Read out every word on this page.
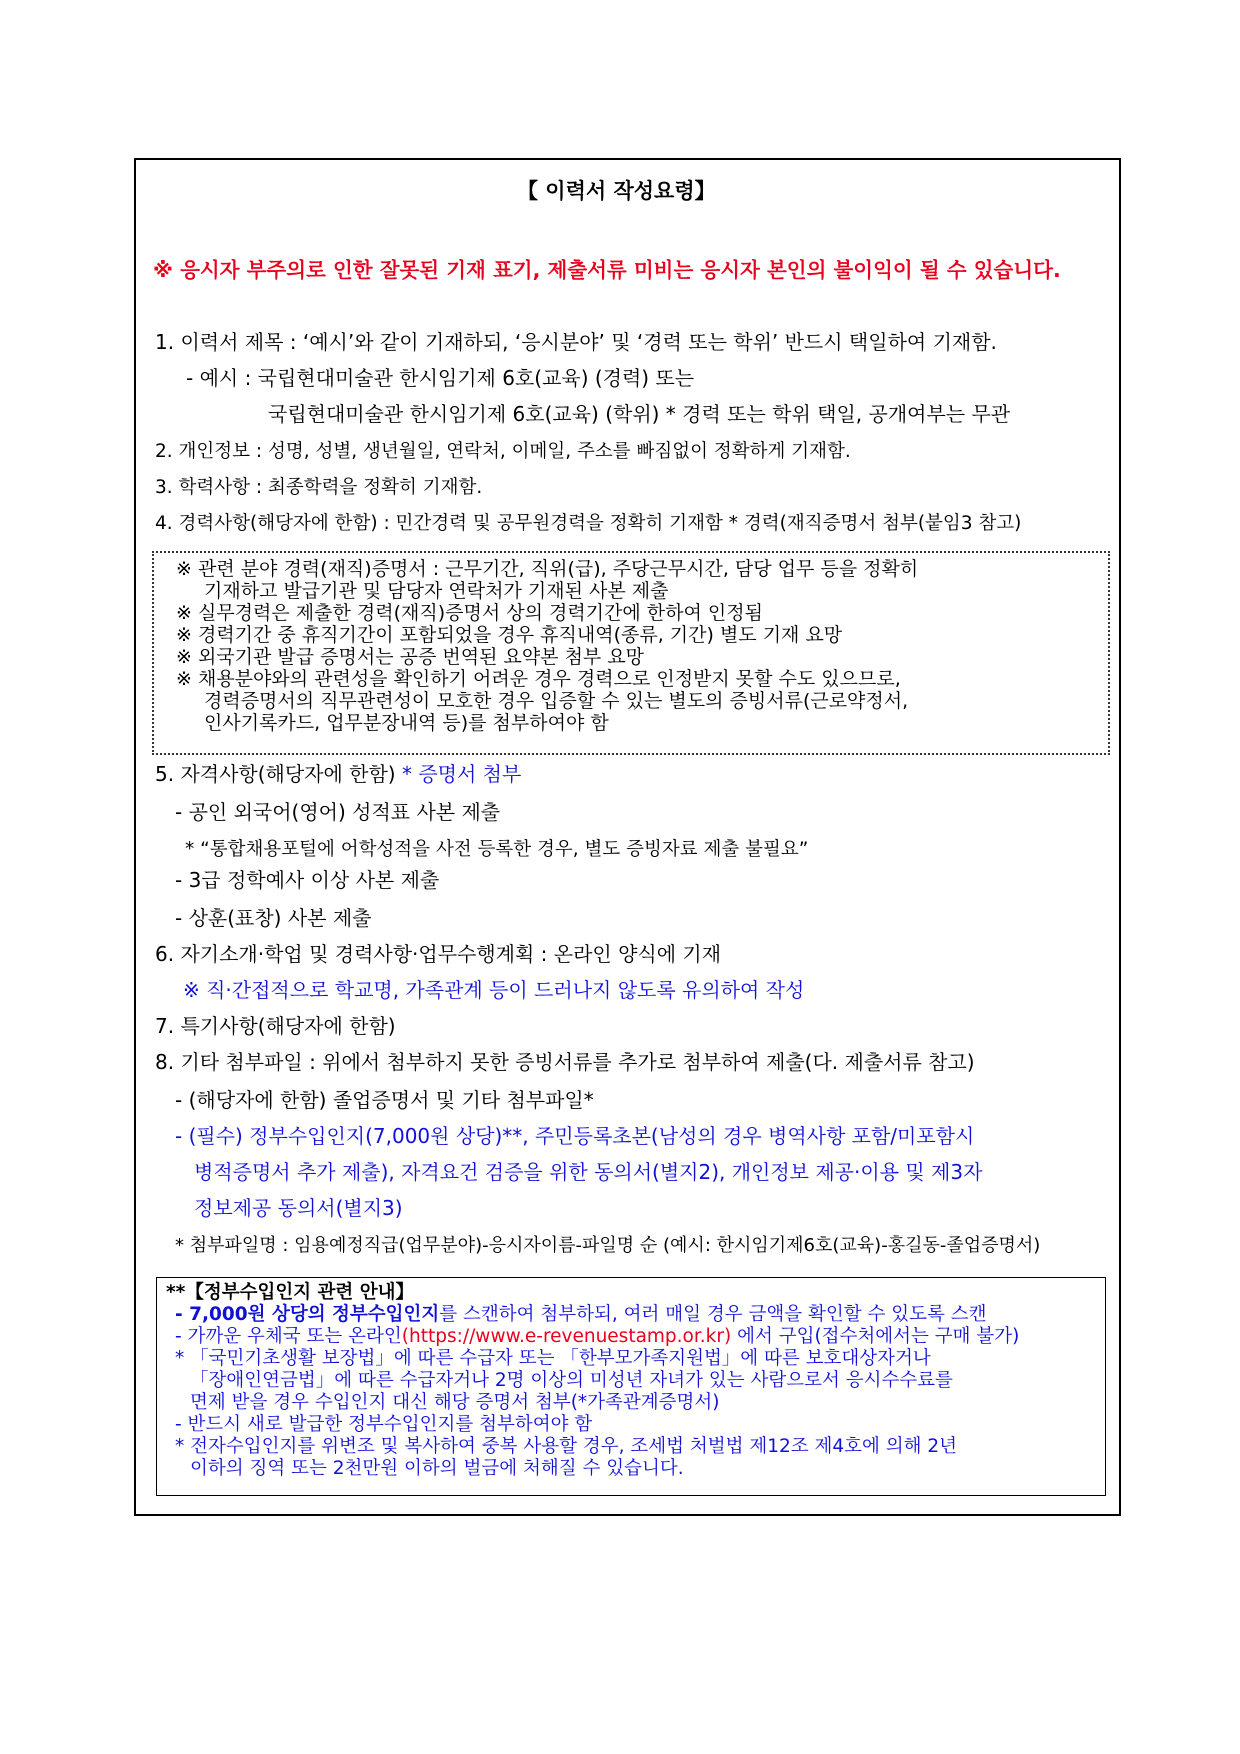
【 이력서 작성요령】
※ 응시자 부주의로 인한 잘못된 기재 표기, 제출서류 미비는 응시자 본인의 불이익이 될 수 있습니다.
1. 이력서 제목 : ‘예시’와 같이 기재하되, ‘응시분야’ 및 ‘경력 또는 학위’ 반드시 택일하여 기재함.
- 예시 : 국립현대미술관 한시임기제 6호(교육) (경력) 또는
국립현대미술관 한시임기제 6호(교육) (학위) * 경력 또는 학위 택일, 공개여부는 무관
2. 개인정보 : 성명, 성별, 생년월일, 연락처, 이메일, 주소를 빠짐없이 정확하게 기재함.
3. 학력사항 : 최종학력을 정확히 기재함.
4. 경력사항(해당자에 한함) : 민간경력 및 공무원경력을 정확히 기재함 * 경력(재직증명서 첨부(붙임3 참고)
※ 관련 분야 경력(재직)증명서 : 근무기간, 직위(급), 주당근무시간, 담당 업무 등을 정확히
기재하고 발급기관 및 담당자 연락처가 기재된 사본 제출
※ 실무경력은 제출한 경력(재직)증명서 상의 경력기간에 한하여 인정됨
※ 경력기간 중 휴직기간이 포함되었을 경우 휴직내역(종류, 기간) 별도 기재 요망
※ 외국기관 발급 증명서는 공증 번역된 요약본 첨부 요망
※ 채용분야와의 관련성을 확인하기 어려운 경우 경력으로 인정받지 못할 수도 있으므로,
경력증명서의 직무관련성이 모호한 경우 입증할 수 있는 별도의 증빙서류(근로약정서,
인사기록카드, 업무분장내역 등)를 첨부하여야 함
5. 자격사항(해당자에 한함) * 증명서 첨부
- 공인 외국어(영어) 성적표 사본 제출
* “통합채용포털에 어학성적을 사전 등록한 경우, 별도 증빙자료 제출 불필요”
- 3급 정학예사 이상 사본 제출
- 상훈(표창) 사본 제출
6. 자기소개·학업 및 경력사항·업무수행계획 : 온라인 양식에 기재
※ 직·간접적으로 학교명, 가족관계 등이 드러나지 않도록 유의하여 작성
7. 특기사항(해당자에 한함)
8. 기타 첨부파일 : 위에서 첨부하지 못한 증빙서류를 추가로 첨부하여 제출(다. 제출서류 참고)
- (해당자에 한함) 졸업증명서 및 기타 첨부파일*
- (필수) 정부수입인지(7,000원 상당)**, 주민등록초본(남성의 경우 병역사항 포함/미포함시
병적증명서 추가 제출), 자격요건 검증을 위한 동의서(별지2), 개인정보 제공·이용 및 제3자
정보제공 동의서(별지3)
* 첨부파일명 : 임용예정직급(업무분야)-응시자이름-파일명 순 (예시: 한시임기제6호(교육)-홍길동-졸업증명서)
**【정부수입인지 관련 안내】
- 7,000원 상당의 정부수입인지를 스캔하여 첨부하되, 여러 매일 경우 금액을 확인할 수 있도록 스캔
- 가까운 우체국 또는 온라인(https://www.e-revenuestamp.or.kr) 에서 구입(접수처에서는 구매 불가)
* 「국민기초생활 보장법」에 따른 수급자 또는 「한부모가족지원법」에 따른 보호대상자거나
「장애인연금법」에 따른 수급자거나 2명 이상의 미성년 자녀가 있는 사람으로서 응시수수료를
면제 받을 경우 수입인지 대신 해당 증명서 첨부(*가족관계증명서)
- 반드시 새로 발급한 정부수입인지를 첨부하여야 함
* 전자수입인지를 위변조 및 복사하여 중복 사용할 경우, 조세법 처벌법 제12조 제4호에 의해 2년
이하의 징역 또는 2천만원 이하의 벌금에 처해질 수 있습니다.
